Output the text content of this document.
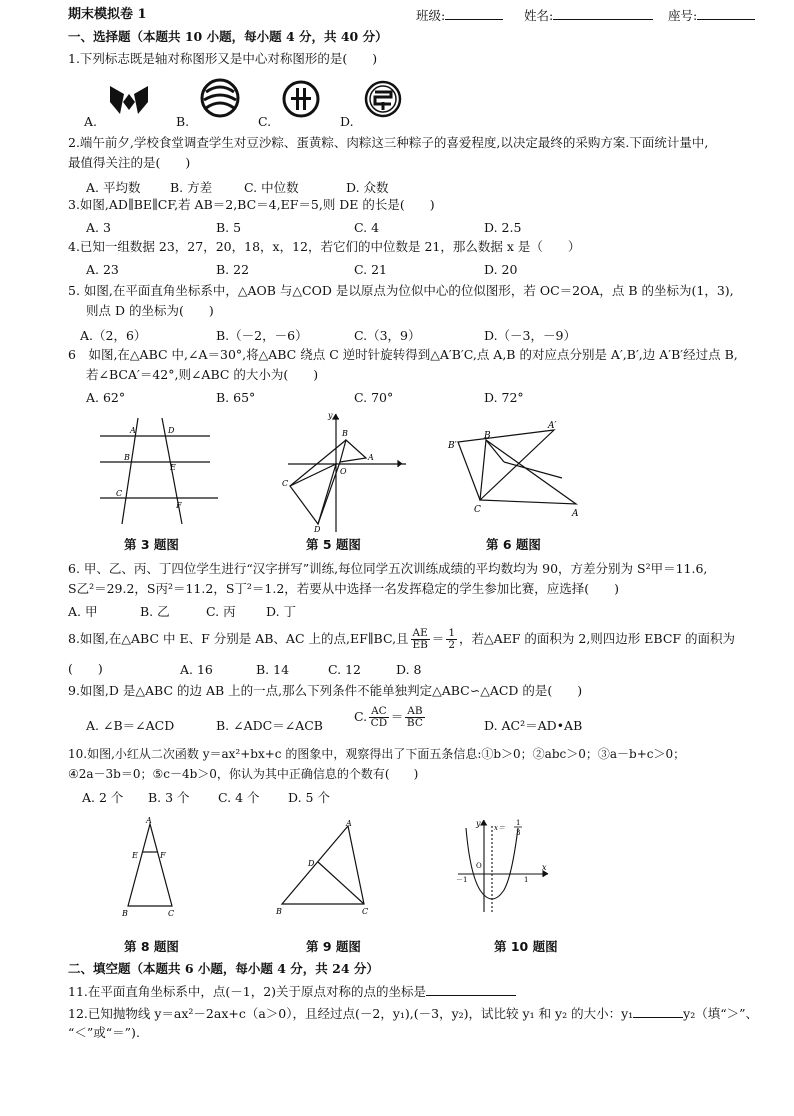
期末模拟卷 1	班级:	姓名:	座号:
一、选择题（本题共 10 小题，每小题 4 分，共 40 分）
1.下列标志既是轴对称图形又是中心对称图形的是(　　)
A.	B.	C.	D.
2.端午前夕,学校食堂调查学生对豆沙粽、蛋黄粽、肉粽这三种粽子的喜爱程度,以决定最终的采购方案.下面统计量中,
最值得关注的是(　　)
A. 平均数 B. 方差	C. 中位数	D. 众数
3.如图,AD∥BE∥CF,若 AB＝2,BC＝4,EF＝5,则 DE 的长是(　　)
A. 3	B. 5	C. 4	D. 2.5
4.已知一组数据 23，27，20，18，x，12，若它们的中位数是 21，那么数据 x 是（　　）
A. 23	B. 22	C. 21	D. 20
5. 如图,在平面直角坐标系中，△AOB 与△COD 是以原点为位似中心的位似图形，若 OC＝2OA，点 B 的坐标为(1，3),
则点 D 的坐标为(　　)
A.（2，6）	B.（－2，－6）	C.（3，9）	D.（－3，－9）
6　如图,在△ABC 中,∠A＝30°,将△ABC 绕点 C 逆时针旋转得到△A′B′C,点 A,B 的对应点分别是 A′,B′,边 A′B′经过点 B,
若∠BCA′＝42°,则∠ABC 的大小为(　　)
A. 62°	B. 65°	C. 70°	D. 72°
A	D
B
E
C
F
y
B
A
O
C
D
B′
B
A′
C	A
第 3 题图	第 5 题图	第 6 题图
6. 甲、乙、丙、丁四位学生进行“汉字拼写”训练,每位同学五次训练成绩的平均数均为 90，方差分别为 S²甲＝11.6,
S乙²＝29.2，S丙²＝11.2，S丁²＝1.2，若要从中选择一名发挥稳定的学生参加比赛，应选择(　　)
A. 甲	B. 乙	C. 丙 D. 丁
8.如图,在△ABC 中 E、F 分别是 AB、AC 上的点,EF∥BC,且 $\frac{AE}{EB} = \frac{1}{2}$ ，若△AEF 的面积为 2,则四边形 EBCF 的面积为
(　　)	A. 16	B. 14	C. 12	D. 8
9.如图,D 是△ABC 的边 AB 上的一点,那么下列条件不能单独判定△ABC∽△ACD 的是(　　)
A. ∠B＝∠ACD	B. ∠ADC＝∠ACB
C. $\frac{AC}{CD} = \frac{AB}{BC}$	D. AC²＝AD•AB
10.如图,小红从二次函数 y＝ax²+bx+c 的图象中，观察得出了下面五条信息:①b＞0；②abc＞0；③a－b+c＞0；
④2a－3b＝0；⑤c－4b＞0，你认为其中正确信息的个数有(　　)
A. 2 个 B. 3 个 C. 4 个 D. 5 个
A
E	F
B	C
A
D
B	C
y x＝
1
3
－1
O
1
x
第 8 题图	第 9 题图	第 10 题图
二、填空题（本题共 6 小题，每小题 4 分，共 24 分）
11.在平面直角坐标系中，点(－1，2)关于原点对称的点的坐标是
12.已知抛物线 y＝ax²－2ax+c（a＞0），且经过点(－2，y₁),(－3，y₂)，试比较 y₁ 和 y₂ 的大小：y₁	y₂（填“＞”、
“＜”或“＝”).
